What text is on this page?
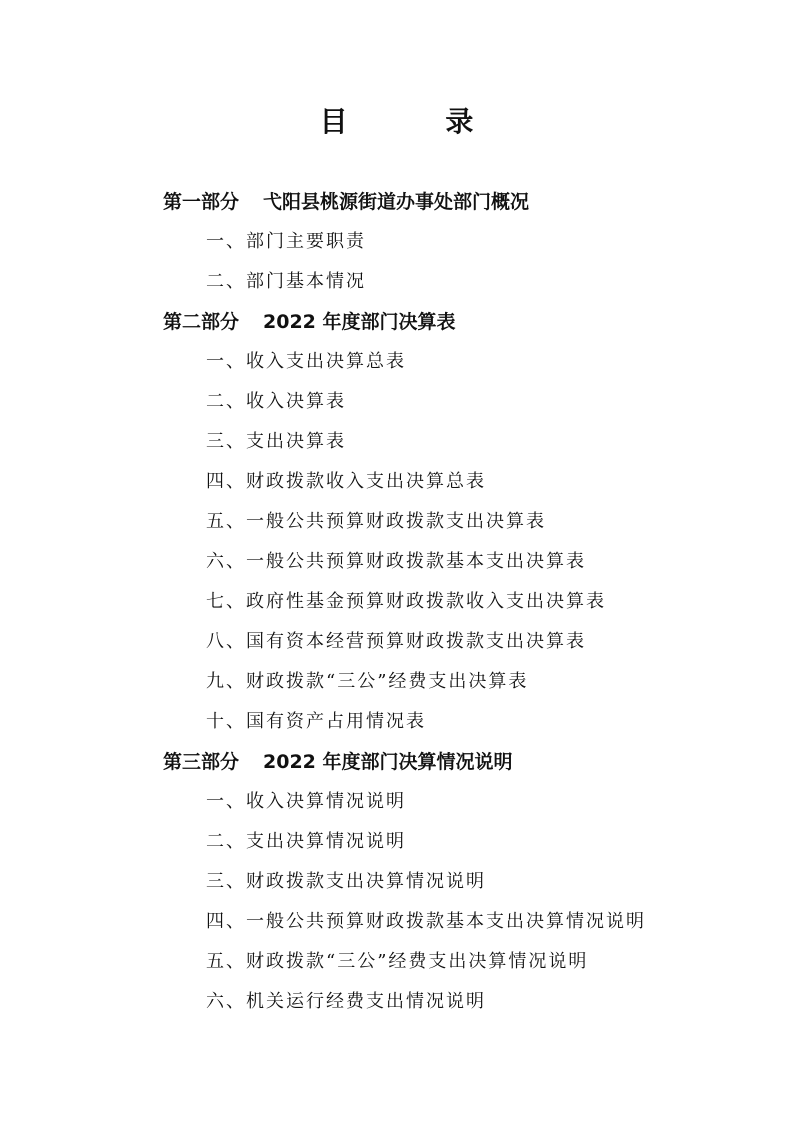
目 录
第一部分 弋阳县桃源街道办事处部门概况
一、部门主要职责
二、部门基本情况
第二部分 2022 年度部门决算表
一、收入支出决算总表
二、收入决算表
三、支出决算表
四、财政拨款收入支出决算总表
五、一般公共预算财政拨款支出决算表
六、一般公共预算财政拨款基本支出决算表
七、政府性基金预算财政拨款收入支出决算表
八、国有资本经营预算财政拨款支出决算表
九、财政拨款“三公”经费支出决算表
十、国有资产占用情况表
第三部分 2022 年度部门决算情况说明
一、收入决算情况说明
二、支出决算情况说明
三、财政拨款支出决算情况说明
四、一般公共预算财政拨款基本支出决算情况说明
五、财政拨款“三公”经费支出决算情况说明
六、机关运行经费支出情况说明
